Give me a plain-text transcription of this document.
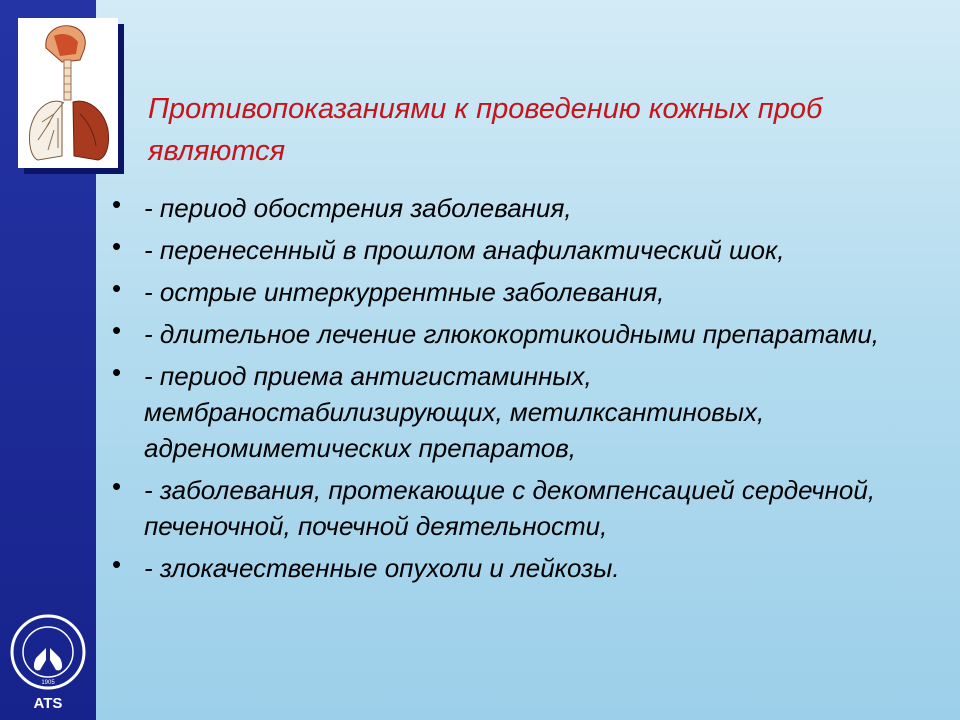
1905
ATS
Противопоказаниями к проведению кожных проб являются
• - период обострения заболевания,
• - перенесенный в прошлом анафилактический шок,
• - острые интеркуррентные заболевания,
• - длительное лечение глюкокортикоидными препаратами,
• - период приема антигистаминных, мембраностабилизирующих, метилксантиновых, адреномиметических препаратов,
• - заболевания, протекающие с декомпенсацией сердечной, печеночной, почечной деятельности,
• - злокачественные опухоли и лейкозы.
